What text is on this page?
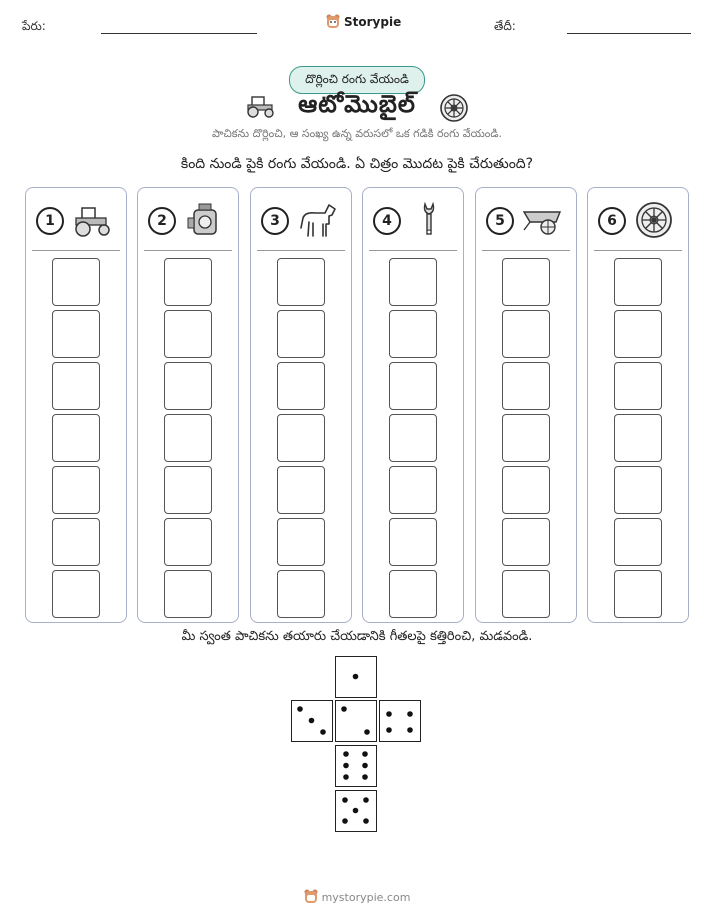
పేరు:	Storypie	తేదీ:
దొర్లించి రంగు వేయండి
ఆటోమొబైల్
పాచికను దొర్లించి, ఆ సంఖ్య ఉన్న వరుసలో ఒక గడికి రంగు వేయండి.
కింది నుండి పైకి రంగు వేయండి. ఏ చిత్రం మొదట పైకి చేరుతుంది?
1	2	3	4	5	6
మీ స్వంత పాచికను తయారు చేయడానికి గీతలపై కత్తిరించి, మడవండి.
mystorypie.com
